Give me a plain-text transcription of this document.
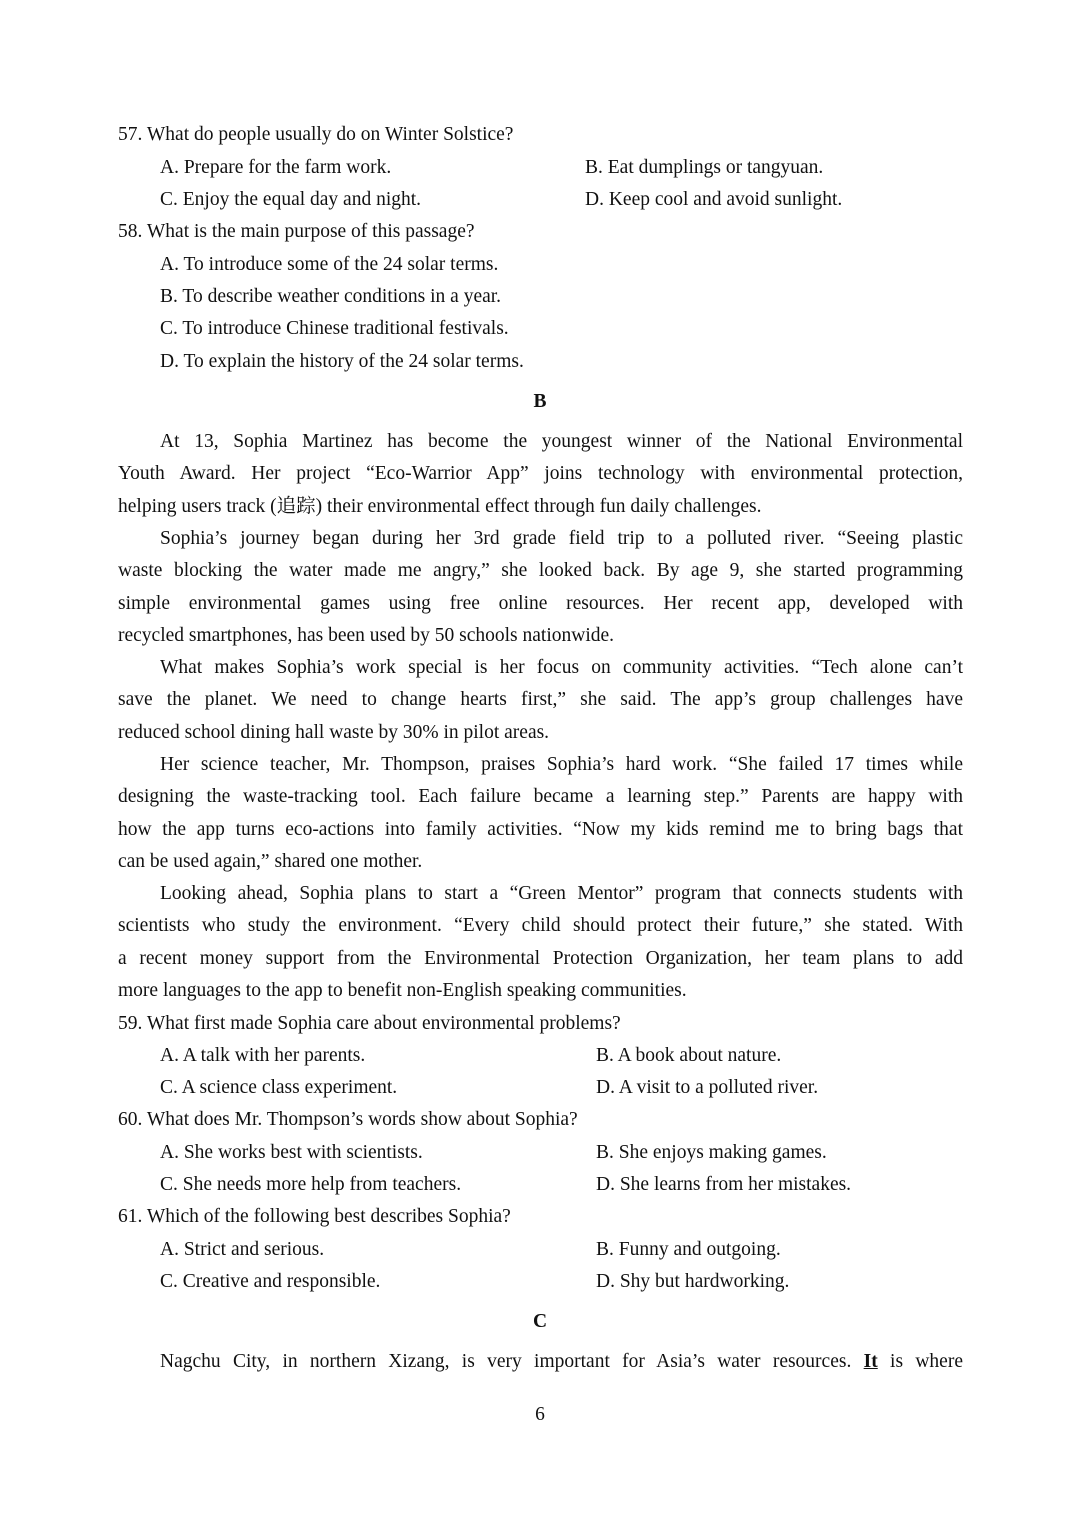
57. What do people usually do on Winter Solstice?
A. Prepare for the farm work.	B. Eat dumplings or tangyuan.
C. Enjoy the equal day and night.	D. Keep cool and avoid sunlight.
58. What is the main purpose of this passage?
A. To introduce some of the 24 solar terms.
B. To describe weather conditions in a year.
C. To introduce Chinese traditional festivals.
D. To explain the history of the 24 solar terms.
B
At 13, Sophia Martinez has become the youngest winner of the National Environmental
Youth Award. Her project “Eco-Warrior App” joins technology with environmental protection,
helping users track (追踪) their environmental effect through fun daily challenges.
Sophia’s journey began during her 3rd grade field trip to a polluted river. “Seeing plastic
waste blocking the water made me angry,” she looked back. By age 9, she started programming
simple environmental games using free online resources. Her recent app, developed with
recycled smartphones, has been used by 50 schools nationwide.
What makes Sophia’s work special is her focus on community activities. “Tech alone can’t
save the planet. We need to change hearts first,” she said. The app’s group challenges have
reduced school dining hall waste by 30% in pilot areas.
Her science teacher, Mr. Thompson, praises Sophia’s hard work. “She failed 17 times while
designing the waste-tracking tool. Each failure became a learning step.” Parents are happy with
how the app turns eco-actions into family activities. “Now my kids remind me to bring bags that
can be used again,” shared one mother.
Looking ahead, Sophia plans to start a “Green Mentor” program that connects students with
scientists who study the environment. “Every child should protect their future,” she stated. With
a recent money support from the Environmental Protection Organization, her team plans to add
more languages to the app to benefit non-English speaking communities.
59. What first made Sophia care about environmental problems?
A. A talk with her parents.	B. A book about nature.
C. A science class experiment.	D. A visit to a polluted river.
60. What does Mr. Thompson’s words show about Sophia?
A. She works best with scientists.	B. She enjoys making games.
C. She needs more help from teachers.	D. She learns from her mistakes.
61. Which of the following best describes Sophia?
A. Strict and serious.	B. Funny and outgoing.
C. Creative and responsible.	D. Shy but hardworking.
C
Nagchu City, in northern Xizang, is very important for Asia’s water resources. It is where
6
